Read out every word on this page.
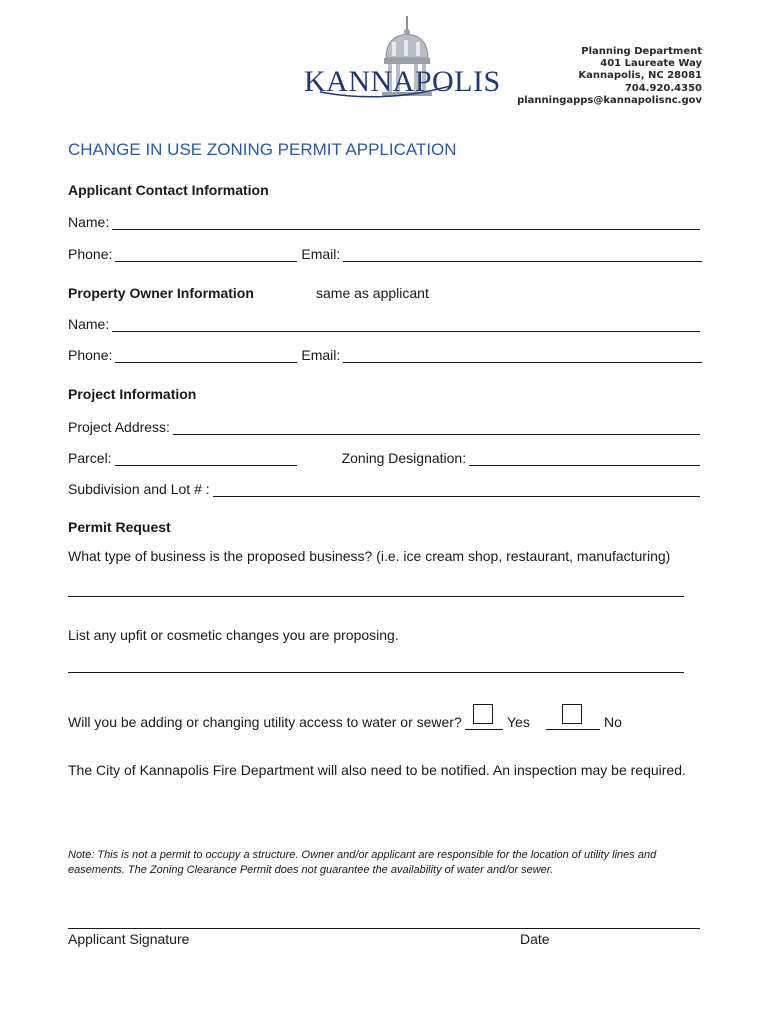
KANNAPOLIS
Planning Department
401 Laureate Way
Kannapolis, NC 28081
704.920.4350
planningapps@kannapolisnc.gov
CHANGE IN USE ZONING PERMIT APPLICATION
Applicant Contact Information
Name:
Phone:	Email:
Property Owner Information	same as applicant
Name:
Phone:	Email:
Project Information
Project Address:
Parcel:	Zoning Designation:
Subdivision and Lot # :
Permit Request
What type of business is the proposed business? (i.e. ice cream shop, restaurant, manufacturing)
List any upfit or cosmetic changes you are proposing.
Will you be adding or changing utility access to water or sewer?	Yes	No
The City of Kannapolis Fire Department will also need to be notified. An inspection may be required.
Note: This is not a permit to occupy a structure. Owner and/or applicant are responsible for the location of utility lines and easements. The Zoning Clearance Permit does not guarantee the availability of water and/or sewer.
Applicant Signature	Date
